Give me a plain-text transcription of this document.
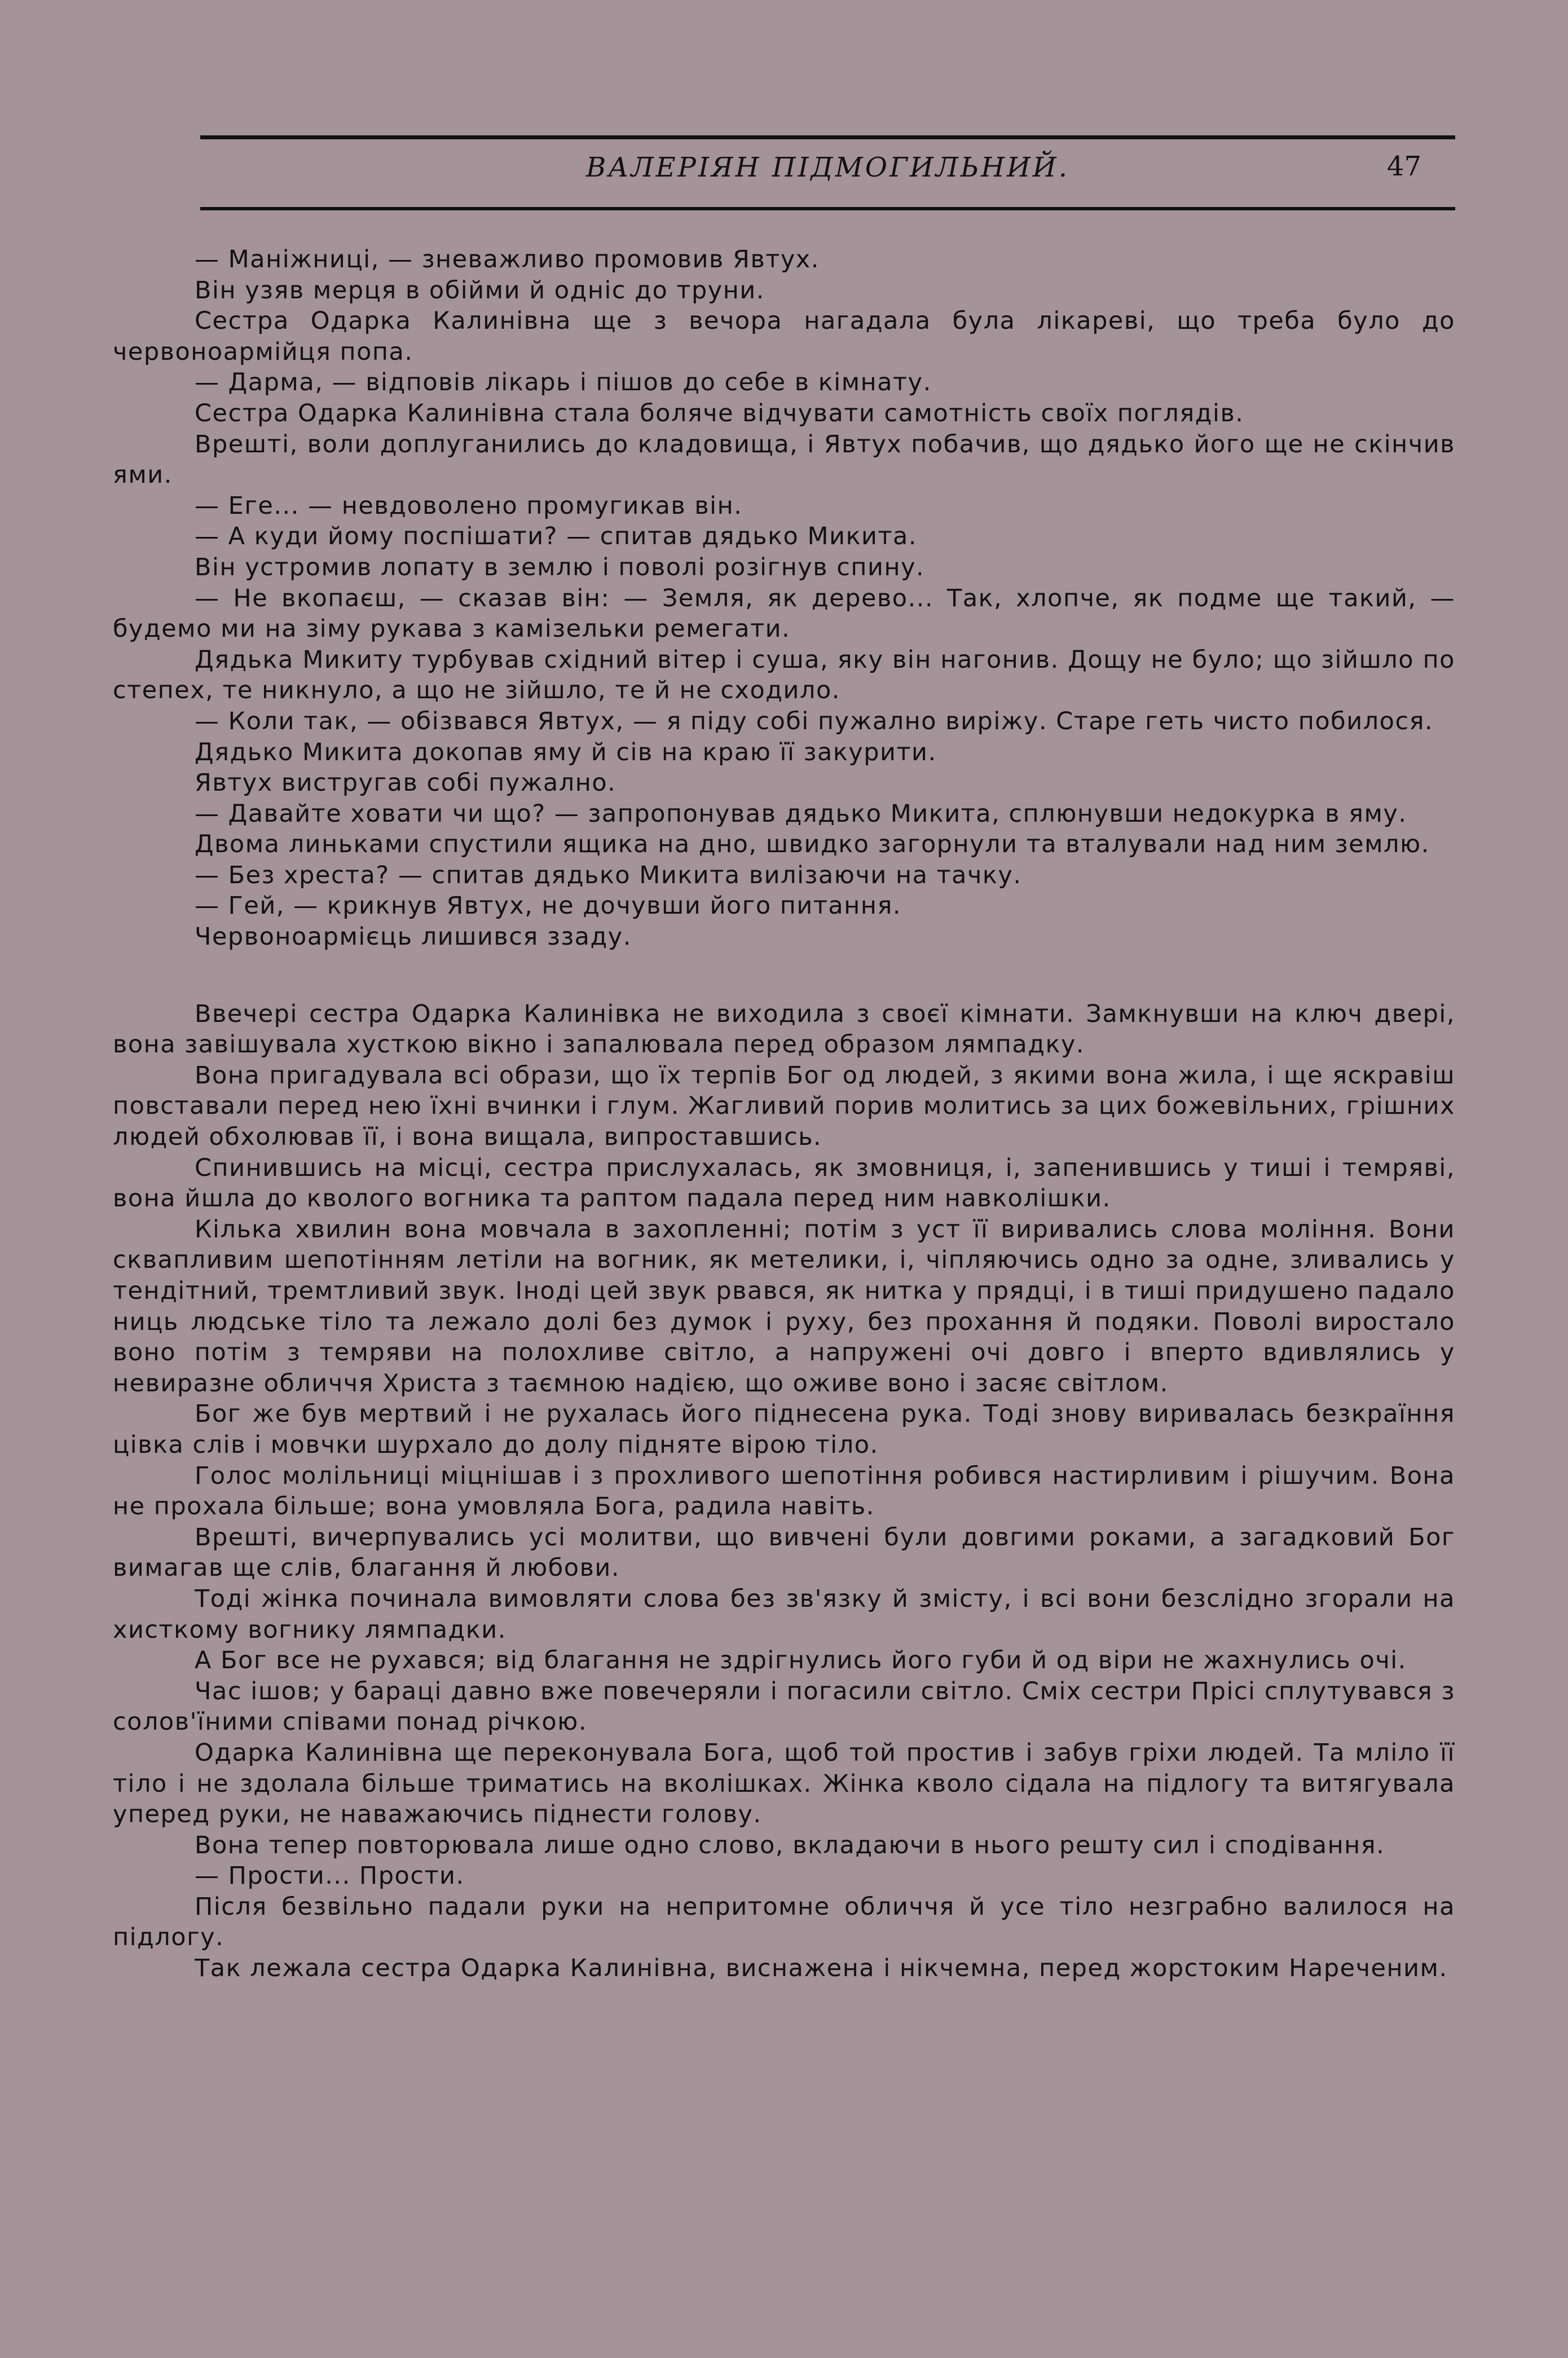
ВАЛЕРІЯН ПІДМОГИЛЬНИЙ.	47

— Маніжниці, — зневажливо промовив Явтух.

Він узяв мерця в обійми й одніс до труни.

Сестра Одарка Калинівна ще з вечора нагадала була лікареві, що треба було до червоноармійця попа.

— Дарма, — відповів лікарь і пішов до себе в кімнату.

Сестра Одарка Калинівна стала боляче відчувати самотність своїх поглядів.

Врешті, воли доплуганились до кладовища, і Явтух побачив, що дядько його ще не скінчив ями.

— Еге... — невдоволено промугикав він.

— А куди йому поспішати? — спитав дядько Микита.

Він устромив лопату в землю і поволі розігнув спину.

— Не вкопаєш, — сказав він: — Земля, як дерево... Так, хлопче, як подме ще такий, — будемо ми на зіму рукава з камізельки ремегати.

Дядька Микиту турбував східний вітер і суша, яку він нагонив. Дощу не було; що зійшло по степех, те никнуло, а що не зійшло, те й не сходило.

— Коли так, — обізвався Явтух, — я піду собі пужално виріжу. Старе геть чисто побилося.

Дядько Микита докопав яму й сів на краю її закурити.

Явтух вистругав собі пужално.

— Давайте ховати чи що? — запропонував дядько Микита, сплюнувши недокурка в яму.

Двома линьками спустили ящика на дно, швидко загорнули та вталували над ним землю.

— Без хреста? — спитав дядько Микита вилізаючи на тачку.

— Гей, — крикнув Явтух, не дочувши його питання.

Червоноармієць лишився ззаду.

Ввечері сестра Одарка Калинівка не виходила з своєї кімнати. Замкнувши на ключ двері, вона завішувала хусткою вікно і запалювала перед образом лямпадку.

Вона пригадувала всі образи, що їх терпів Бог од людей, з якими вона жила, і ще яскравіш повставали перед нею їхні вчинки і глум. Жагливий порив молитись за цих божевільних, грішних людей обхолював її, і вона вищала, випроставшись.

Спинившись на місці, сестра прислухалась, як змовниця, і, запенившись у тиші і темряві, вона йшла до кволого вогника та раптом падала перед ним навколішки.

Кілька хвилин вона мовчала в захопленні; потім з уст її виривались слова моління. Вони сквапливим шепотінням летіли на вогник, як метелики, і, чіпляючись одно за одне, зливались у тендітний, тремтливий звук. Іноді цей звук рвався, як нитка у прядці, і в тиші придушено падало ниць людське тіло та лежало долі без думок і руху, без прохання й подяки. Поволі виростало воно потім з темряви на полохливе світло, а напружені очі довго і вперто вдивлялись у невиразне обличчя Христа з таємною надією, що оживе воно і засяє світлом.

Бог же був мертвий і не рухалась його піднесена рука. Тоді знову виривалась безкраїння цівка слів і мовчки шурхало до долу підняте вірою тіло.

Голос молільниці міцнішав і з прохливого шепотіння робився настирливим і рішучим. Вона не прохала більше; вона умовляла Бога, радила навіть.

Врешті, вичерпувались усі молитви, що вивчені були довгими роками, а загадковий Бог вимагав ще слів, благання й любови.

Тоді жінка починала вимовляти слова без зв'язку й змісту, і всі вони безслідно згорали на хисткому вогнику лямпадки.

А Бог все не рухався; від благання не здрігнулись його губи й од віри не жахнулись очі.

Час ішов; у бараці давно вже повечеряли і погасили світло. Сміх сестри Прісі сплутувався з солов'їними співами понад річкою.

Одарка Калинівна ще переконувала Бога, щоб той простив і забув гріхи людей. Та мліло її тіло і не здолала більше триматись на вколішках. Жінка кволо сідала на підлогу та витягувала уперед руки, не наважаючись піднести голову.

Вона тепер повторювала лише одно слово, вкладаючи в нього решту сил і сподівання.

— Прости... Прости.

Після безвільно падали руки на непритомне обличчя й усе тіло незграбно валилося на підлогу.

Так лежала сестра Одарка Калинівна, виснажена і нікчемна, перед жорстоким Нареченим.
